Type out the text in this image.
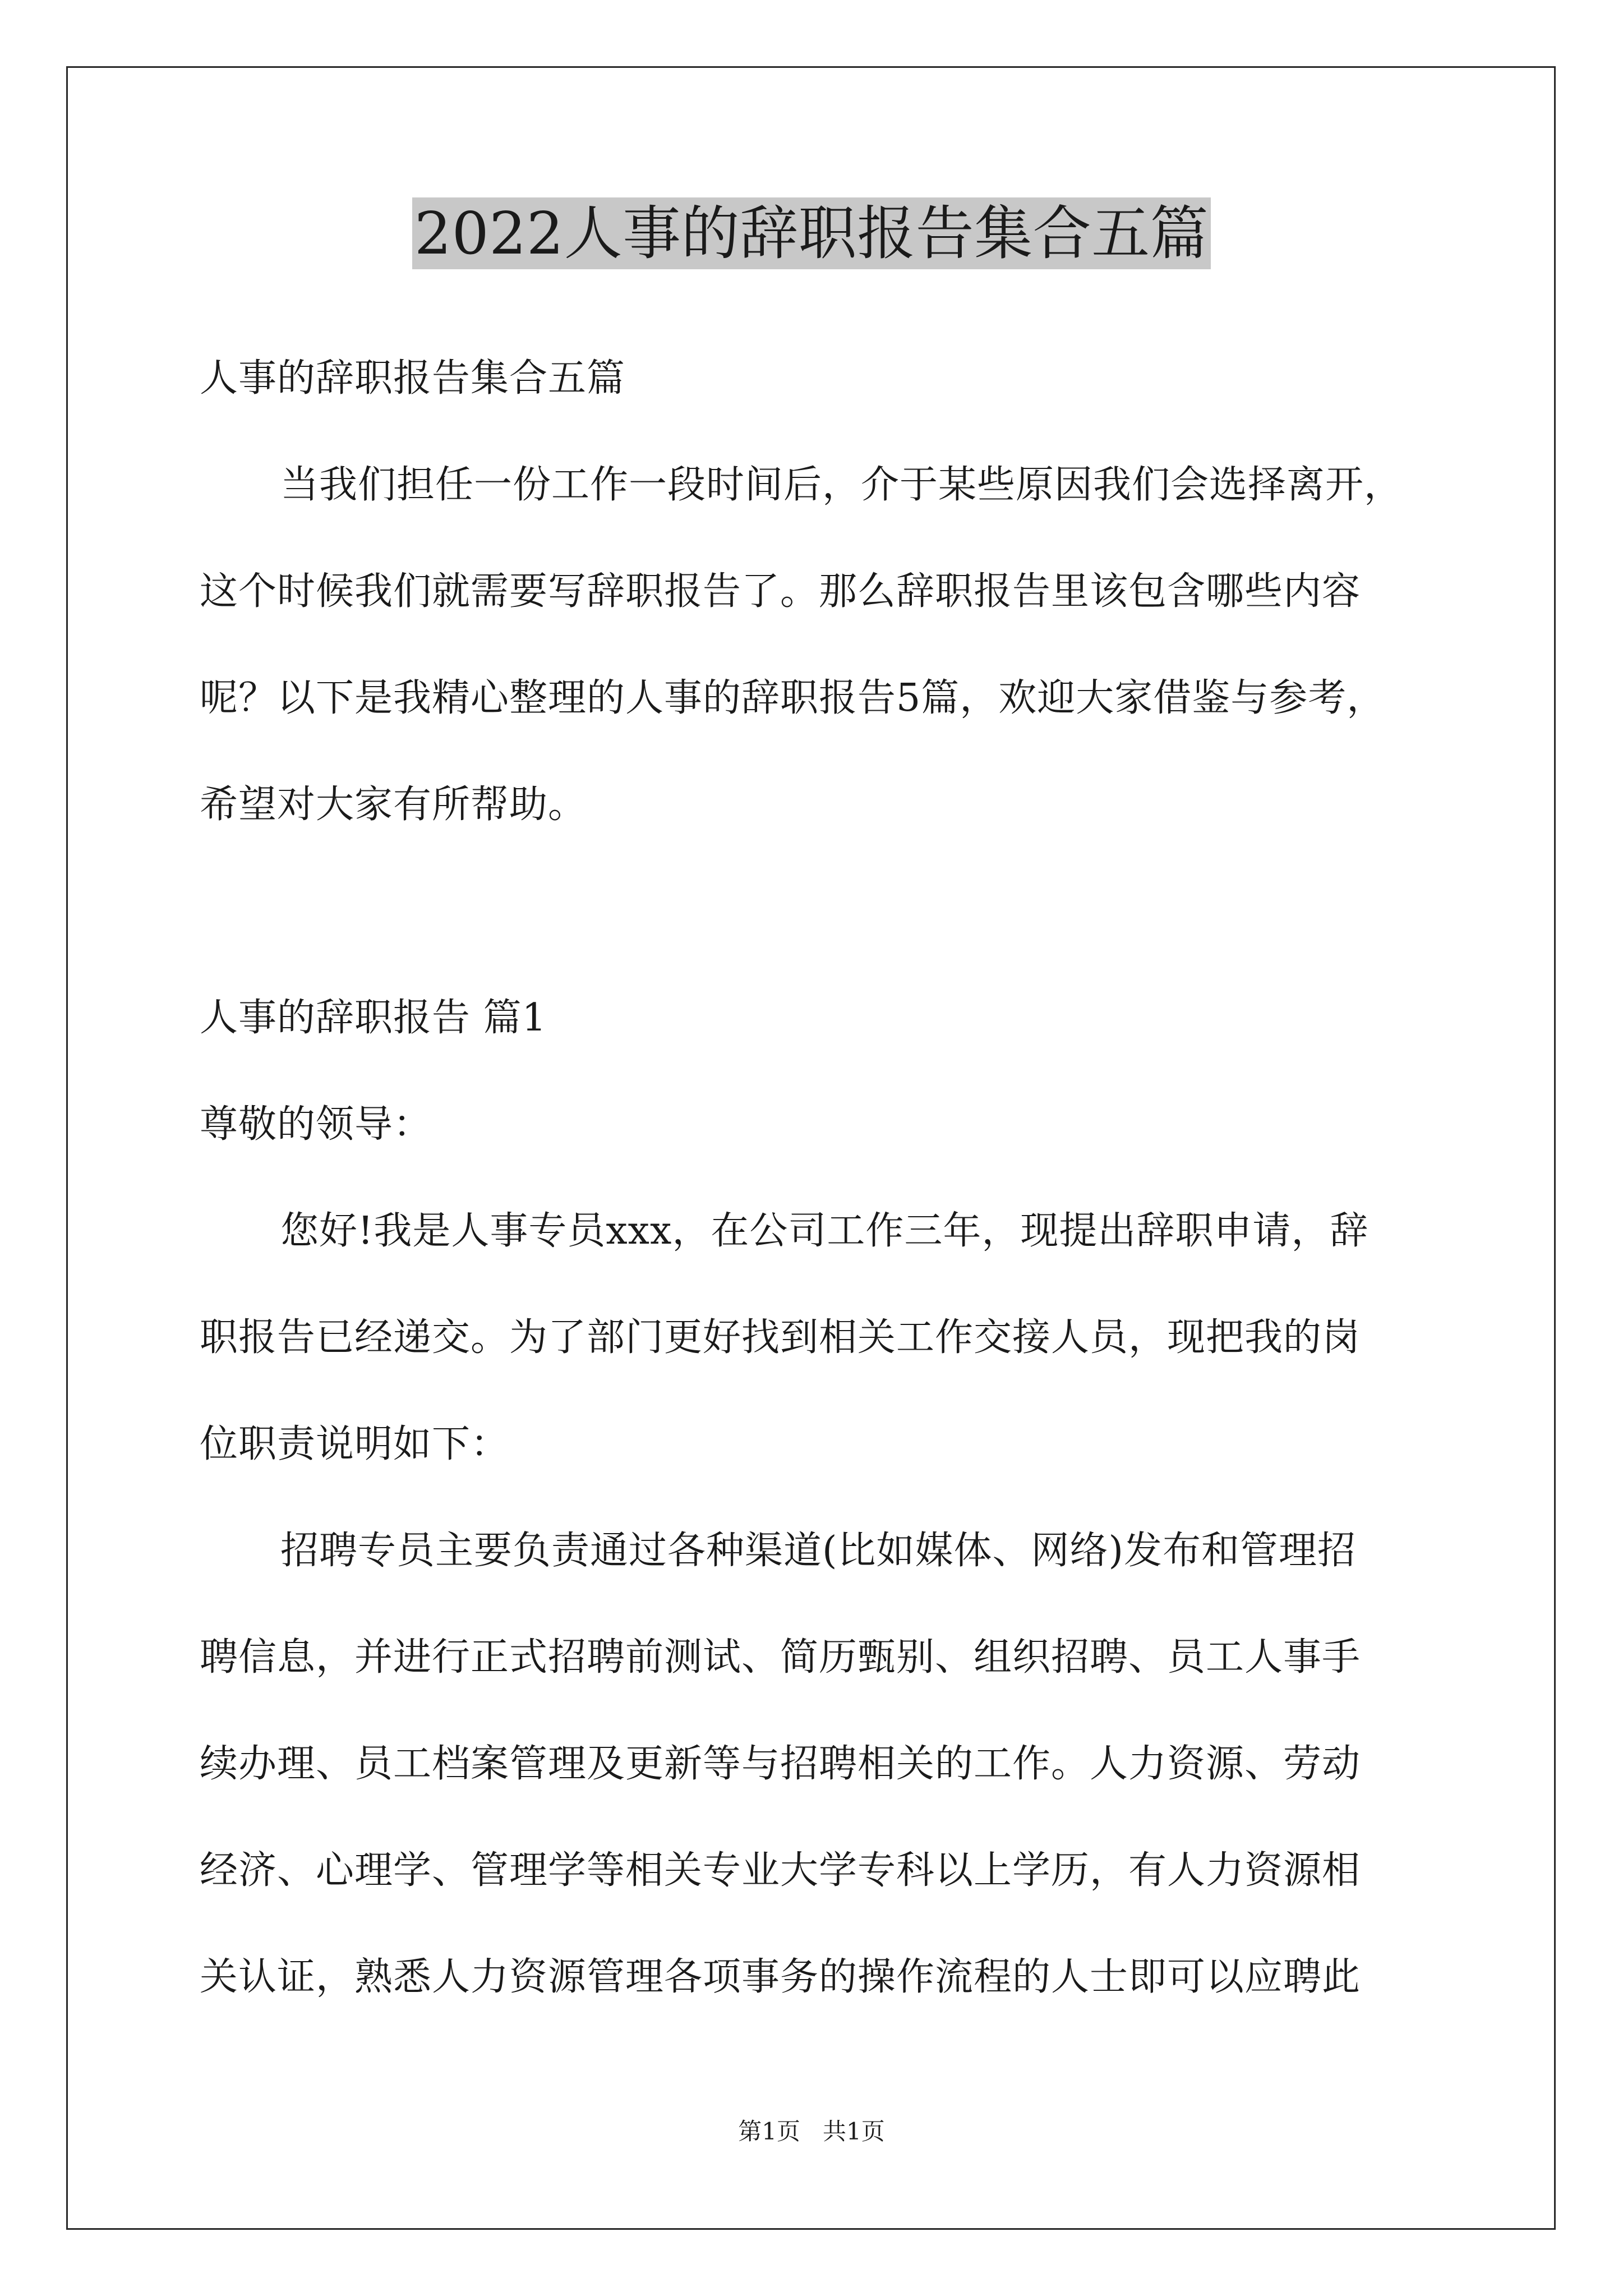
2022人事的辞职报告集合五篇
人事的辞职报告集合五篇
当我们担任一份工作一段时间后，介于某些原因我们会选择离开，
这个时候我们就需要写辞职报告了。那么辞职报告里该包含哪些内容
呢？以下是我精心整理的人事的辞职报告5篇，欢迎大家借鉴与参考，
希望对大家有所帮助。
人事的辞职报告 篇1
尊敬的领导：
您好!我是人事专员xxx，在公司工作三年，现提出辞职申请，辞
职报告已经递交。为了部门更好找到相关工作交接人员，现把我的岗
位职责说明如下：
招聘专员主要负责通过各种渠道(比如媒体、网络)发布和管理招
聘信息，并进行正式招聘前测试、简历甄别、组织招聘、员工人事手
续办理、员工档案管理及更新等与招聘相关的工作。人力资源、劳动
经济、心理学、管理学等相关专业大学专科以上学历，有人力资源相
关认证，熟悉人力资源管理各项事务的操作流程的人士即可以应聘此
第1页   共1页
